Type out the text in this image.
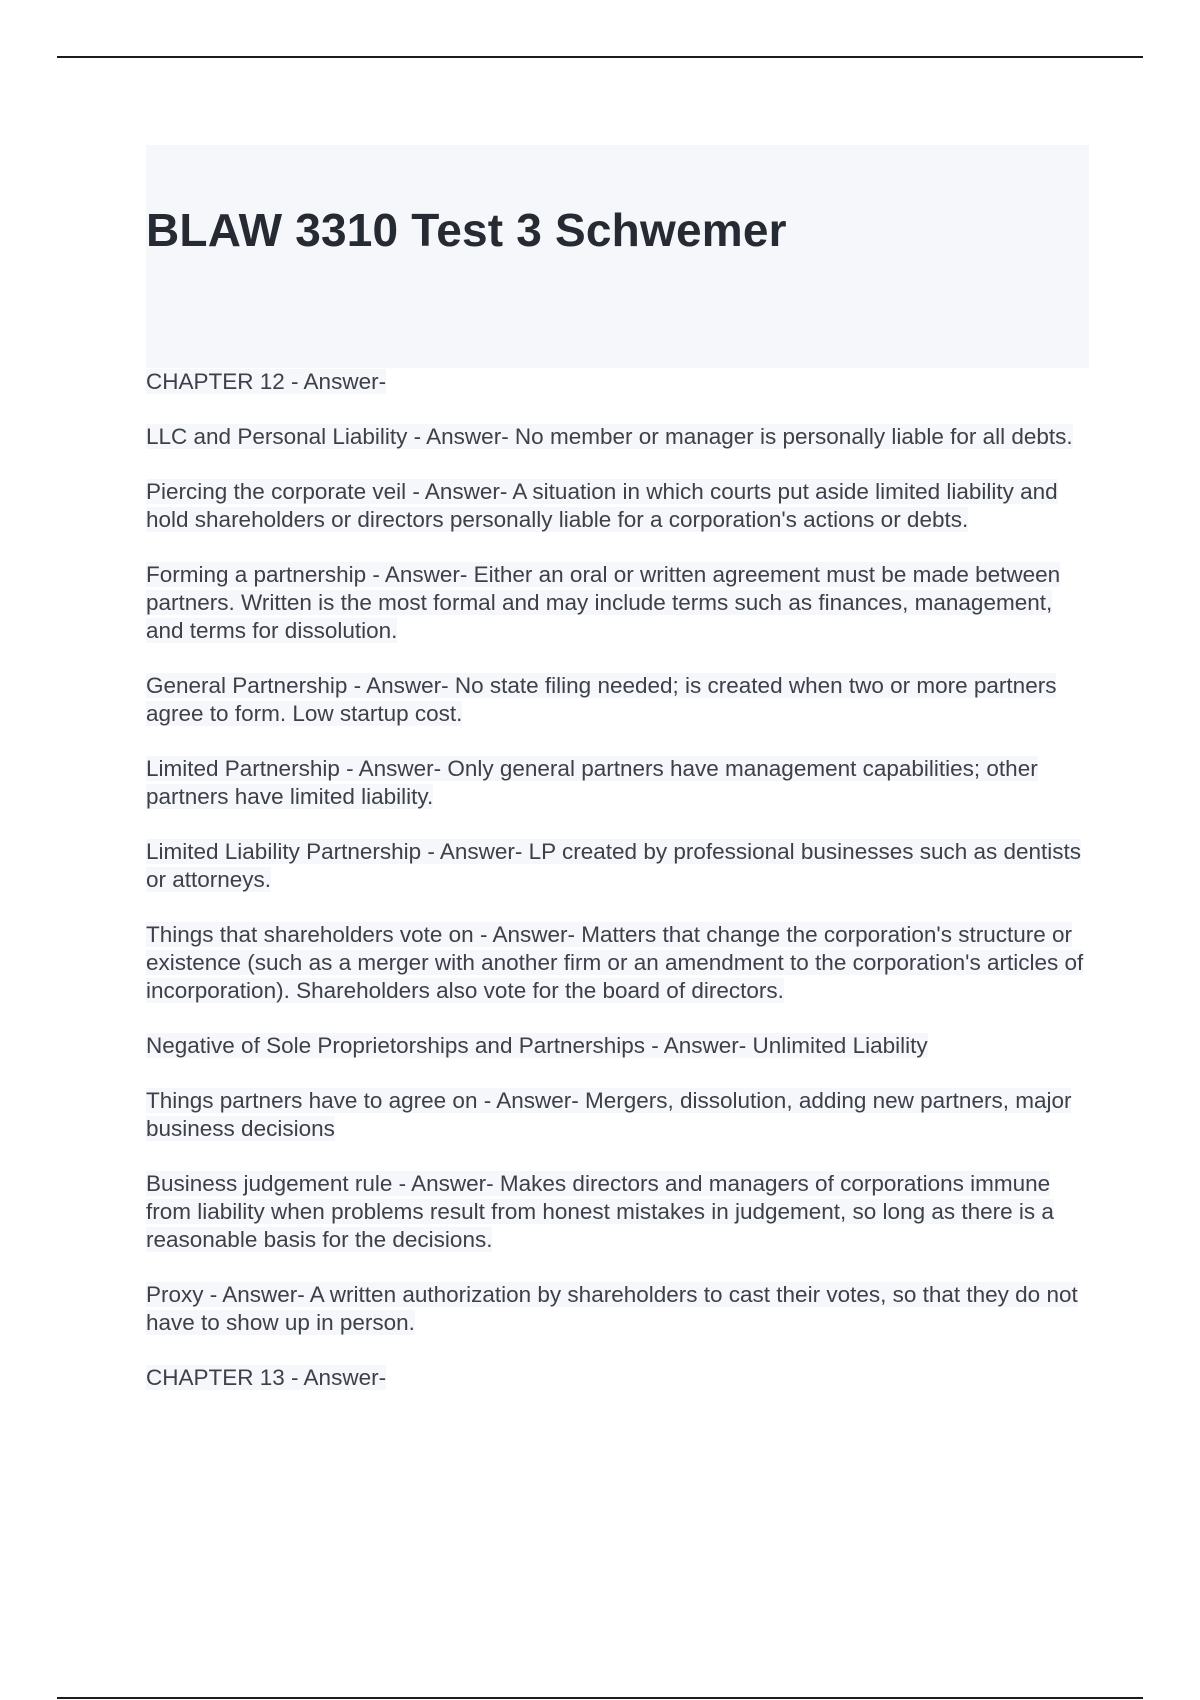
BLAW 3310 Test 3 Schwemer

CHAPTER 12 - Answer-

LLC and Personal Liability - Answer- No member or manager is personally liable for all debts.

Piercing the corporate veil - Answer- A situation in which courts put aside limited liability and hold shareholders or directors personally liable for a corporation's actions or debts.

Forming a partnership - Answer- Either an oral or written agreement must be made between partners. Written is the most formal and may include terms such as finances, management, and terms for dissolution.

General Partnership - Answer- No state filing needed; is created when two or more partners agree to form. Low startup cost.

Limited Partnership - Answer- Only general partners have management capabilities; other partners have limited liability.

Limited Liability Partnership - Answer- LP created by professional businesses such as dentists or attorneys.

Things that shareholders vote on - Answer- Matters that change the corporation's structure or existence (such as a merger with another firm or an amendment to the corporation's articles of incorporation). Shareholders also vote for the board of directors.

Negative of Sole Proprietorships and Partnerships - Answer- Unlimited Liability

Things partners have to agree on - Answer- Mergers, dissolution, adding new partners, major business decisions

Business judgement rule - Answer- Makes directors and managers of corporations immune from liability when problems result from honest mistakes in judgement, so long as there is a reasonable basis for the decisions.

Proxy - Answer- A written authorization by shareholders to cast their votes, so that they do not have to show up in person.

CHAPTER 13 - Answer-
